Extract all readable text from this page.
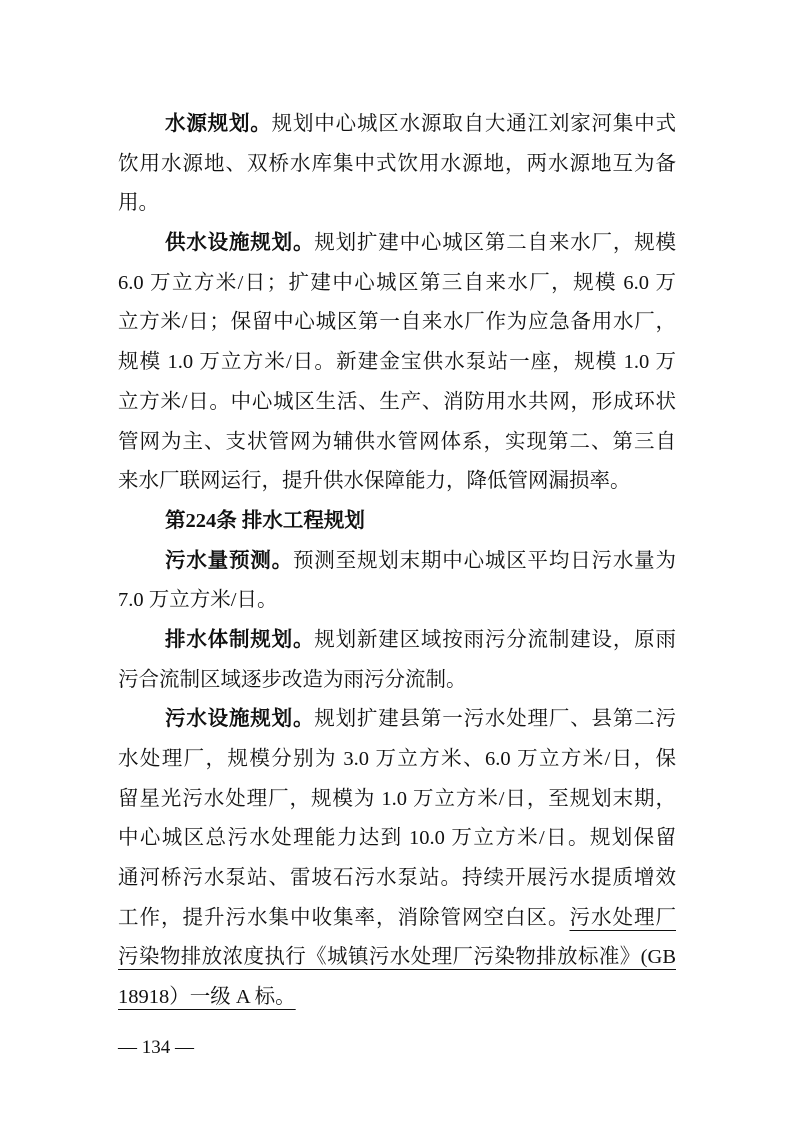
水源规划。规划中心城区水源取自大通江刘家河集中式
饮用水源地、双桥水库集中式饮用水源地，两水源地互为备
用。
供水设施规划。规划扩建中心城区第二自来水厂，规模
6.0 万立方米/日；扩建中心城区第三自来水厂，规模 6.0 万
立方米/日；保留中心城区第一自来水厂作为应急备用水厂，
规模 1.0 万立方米/日。新建金宝供水泵站一座，规模 1.0 万
立方米/日。中心城区生活、生产、消防用水共网，形成环状
管网为主、支状管网为辅供水管网体系，实现第二、第三自
来水厂联网运行，提升供水保障能力，降低管网漏损率。
第224条 排水工程规划
污水量预测。预测至规划末期中心城区平均日污水量为
7.0 万立方米/日。
排水体制规划。规划新建区域按雨污分流制建设，原雨
污合流制区域逐步改造为雨污分流制。
污水设施规划。规划扩建县第一污水处理厂、县第二污
水处理厂，规模分别为 3.0 万立方米、6.0 万立方米/日，保
留星光污水处理厂，规模为 1.0 万立方米/日，至规划末期，
中心城区总污水处理能力达到 10.0 万立方米/日。规划保留
通河桥污水泵站、雷坡石污水泵站。持续开展污水提质增效
工作，提升污水集中收集率，消除管网空白区。污水处理厂
污染物排放浓度执行《城镇污水处理厂污染物排放标准》(GB
18918）一级 A 标。
— 134 —
